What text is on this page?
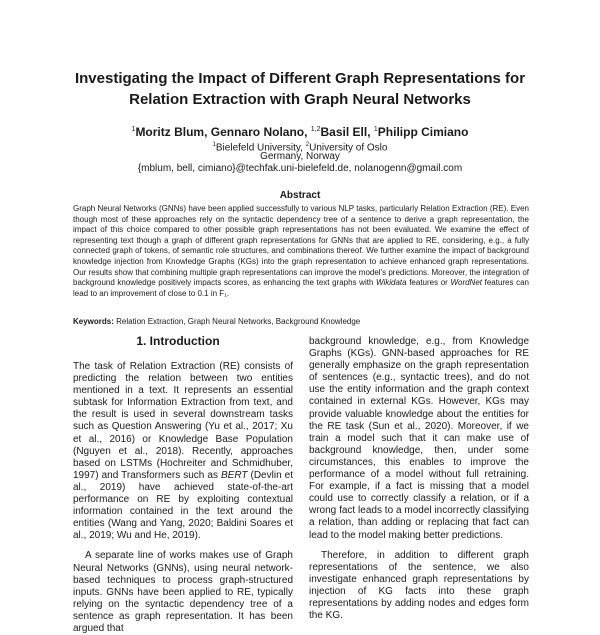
Investigating the Impact of Different Graph Representations for
Relation Extraction with Graph Neural Networks
$^1$Moritz Blum, Gennaro Nolano, $^{1,2}$Basil Ell, $^1$Philipp Cimiano
$^1$Bielefeld University, $^2$University of Oslo
Germany, Norway
{mblum, bell, cimiano}@techfak.uni-bielefeld.de, nolanogenn@gmail.com
Abstract
Graph Neural Networks (GNNs) have been applied successfully to various NLP tasks, particularly Relation Extraction (RE). Even though most of these approaches rely on the syntactic dependency tree of a sentence to derive a graph representation, the impact of this choice compared to other possible graph representations has not been evaluated. We examine the effect of representing text though a graph of different graph representations for GNNs that are applied to RE, considering, e.g., a fully connected graph of tokens, of semantic role structures, and combinations thereof. We further examine the impact of background knowledge injection from Knowledge Graphs (KGs) into the graph representation to achieve enhanced graph representations. Our results show that combining multiple graph representations can improve the model's predictions. Moreover, the integration of background knowledge positively impacts scores, as enhancing the text graphs with Wikidata features or WordNet features can lead to an improvement of close to 0.1 in F₁.
Keywords: Relation Extraction, Graph Neural Networks, Background Knowledge
1. Introduction

The task of Relation Extraction (RE) consists of predicting the relation between two entities mentioned in a text. It represents an essential subtask for Information Extraction from text, and the result is used in several downstream tasks such as Question Answering (Yu et al., 2017; Xu et al., 2016) or Knowledge Base Population (Nguyen et al., 2018). Recently, approaches based on LSTMs (Hochreiter and Schmidhuber, 1997) and Transformers such as BERT (Devlin et al., 2019) have achieved state-of-the-art performance on RE by exploiting contextual information contained in the text around the entities (Wang and Yang, 2020; Baldini Soares et al., 2019; Wu and He, 2019).

A separate line of works makes use of Graph Neural Networks (GNNs), using neural network-based techniques to process graph-structured inputs. GNNs have been applied to RE, typically relying on the syntactic dependency tree of a sentence as graph representation. It has been argued that

background knowledge, e.g., from Knowledge Graphs (KGs). GNN-based approaches for RE generally emphasize on the graph representation of sentences (e.g., syntactic trees), and do not use the entity information and the graph context contained in external KGs. However, KGs may provide valuable knowledge about the entities for the RE task (Sun et al., 2020). Moreover, if we train a model such that it can make use of background knowledge, then, under some circumstances, this enables to improve the performance of a model without full retraining. For example, if a fact is missing that a model could use to correctly classify a relation, or if a wrong fact leads to a model incorrectly classifying a relation, than adding or replacing that fact can lead to the model making better predictions.

Therefore, in addition to different graph representations of the sentence, we also investigate enhanced graph representations by injection of KG facts into these graph representations by adding nodes and edges form the KG.
